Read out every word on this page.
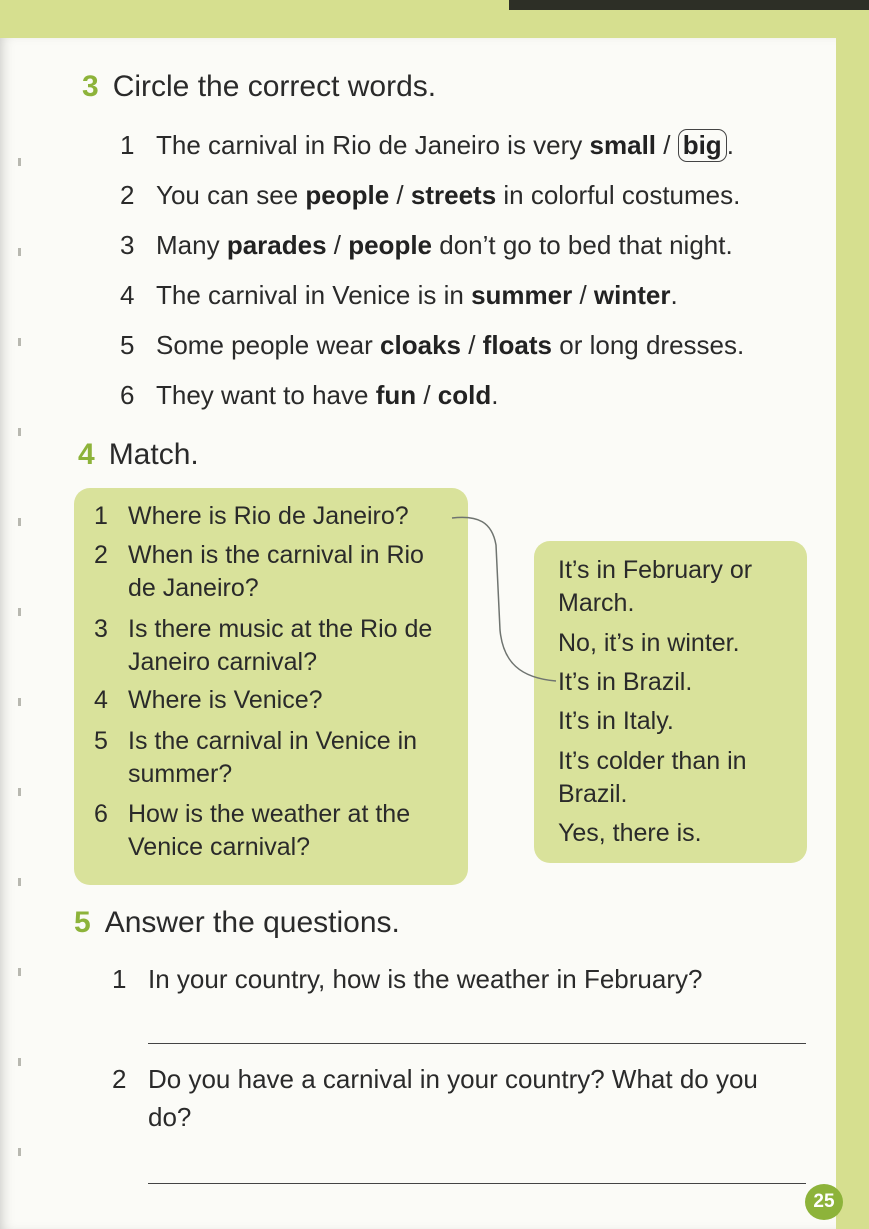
3 Circle the correct words.
1 The carnival in Rio de Janeiro is very
small / big .
2 You can see
people / streets in colorful costumes.
3 Many
parades / people don’t go to bed that night.
4 The carnival in Venice is in
summer / winter .
5 Some people wear
cloaks / floats or long dresses.
6 They want to have
fun / cold .
4 Match.
1 Where is Rio de Janeiro?
2 When is the carnival in Rio de Janeiro?
3 Is there music at the Rio de Janeiro carnival?
4 Where is Venice?
5 Is the carnival in Venice in summer?
6 How is the weather at the Venice carnival?
It’s in February or March.
No, it’s in winter.
It’s in Brazil.
It’s in Italy.
It’s colder than in Brazil.
Yes, there is.
5 Answer the questions.
1 In your country, how is the weather in February?
2 Do you have a carnival in your country? What do you do?
25
